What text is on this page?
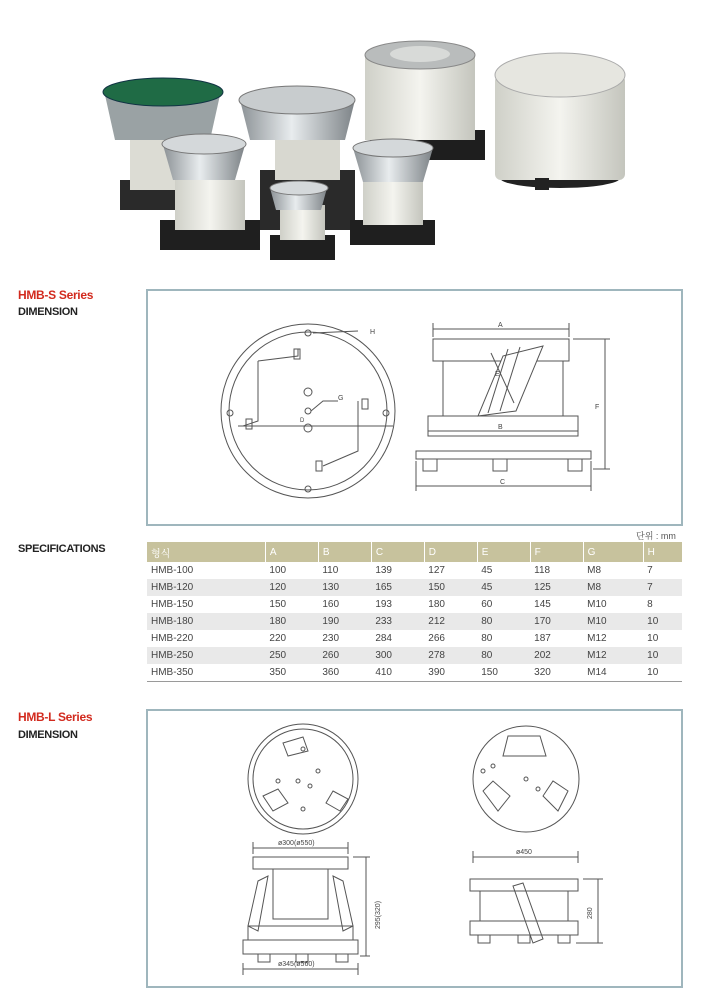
HMB-S Series
DIMENSION
H
G
D
A
B
C
E
F
SPECIFICATIONS
단위 : mm
형식	A	B	C	D	E	F	G	H
HMB-100	100	110	139	127	45	118	M8	7
HMB-120	120	130	165	150	45	125	M8	7
HMB-150	150	160	193	180	60	145	M10	8
HMB-180	180	190	233	212	80	170	M10	10
HMB-220	220	230	284	266	80	187	M12	10
HMB-250	250	260	300	278	80	202	M12	10
HMB-350	350	360	410	390	150	320	M14	10
HMB-L Series
DIMENSION
ø300(ø550)
ø345(ø560)
295(320)
ø450
280
